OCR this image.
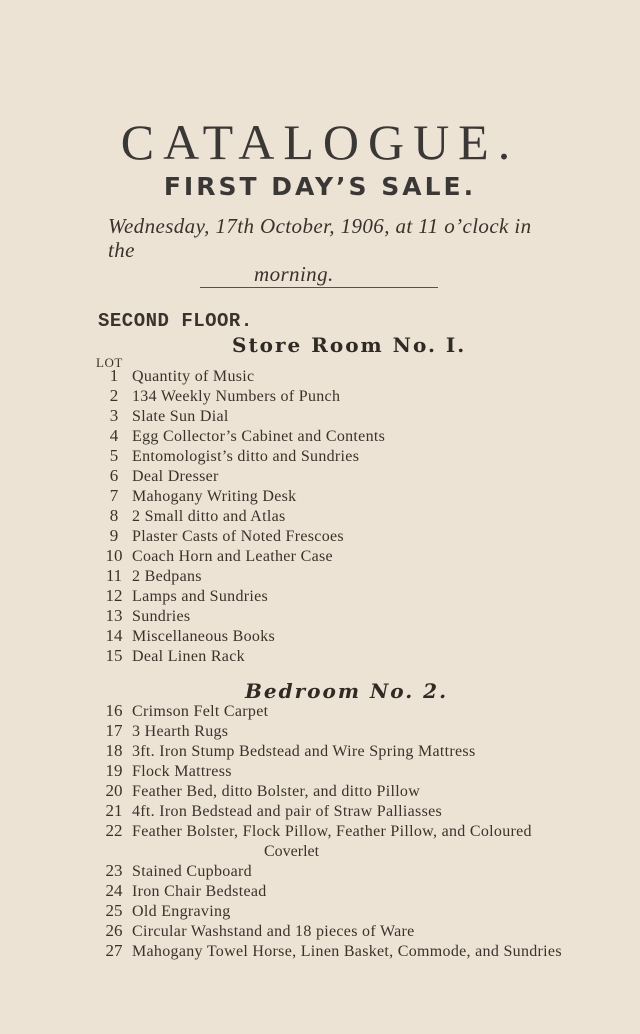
CATALOGUE.
FIRST DAY’S SALE.
Wednesday, 17th October, 1906, at 11 o’clock in the
morning.
SECOND FLOOR.
Store Room No. I.
LOT
1 Quantity of Music
2 134 Weekly Numbers of Punch
3 Slate Sun Dial
4 Egg Collector’s Cabinet and Contents
5 Entomologist’s ditto and Sundries
6 Deal Dresser
7 Mahogany Writing Desk
8 2 Small ditto and Atlas
9 Plaster Casts of Noted Frescoes
10 Coach Horn and Leather Case
11 2 Bedpans
12 Lamps and Sundries
13 Sundries
14 Miscellaneous Books
15 Deal Linen Rack
Bedroom No. 2.
16 Crimson Felt Carpet
17 3 Hearth Rugs
18 3ft. Iron Stump Bedstead and Wire Spring Mattress
19 Flock Mattress
20 Feather Bed, ditto Bolster, and ditto Pillow
21 4ft. Iron Bedstead and pair of Straw Palliasses
22 Feather Bolster, Flock Pillow, Feather Pillow, and Coloured
Coverlet
23 Stained Cupboard
24 Iron Chair Bedstead
25 Old Engraving
26 Circular Washstand and 18 pieces of Ware
27 Mahogany Towel Horse, Linen Basket, Commode, and Sundries
